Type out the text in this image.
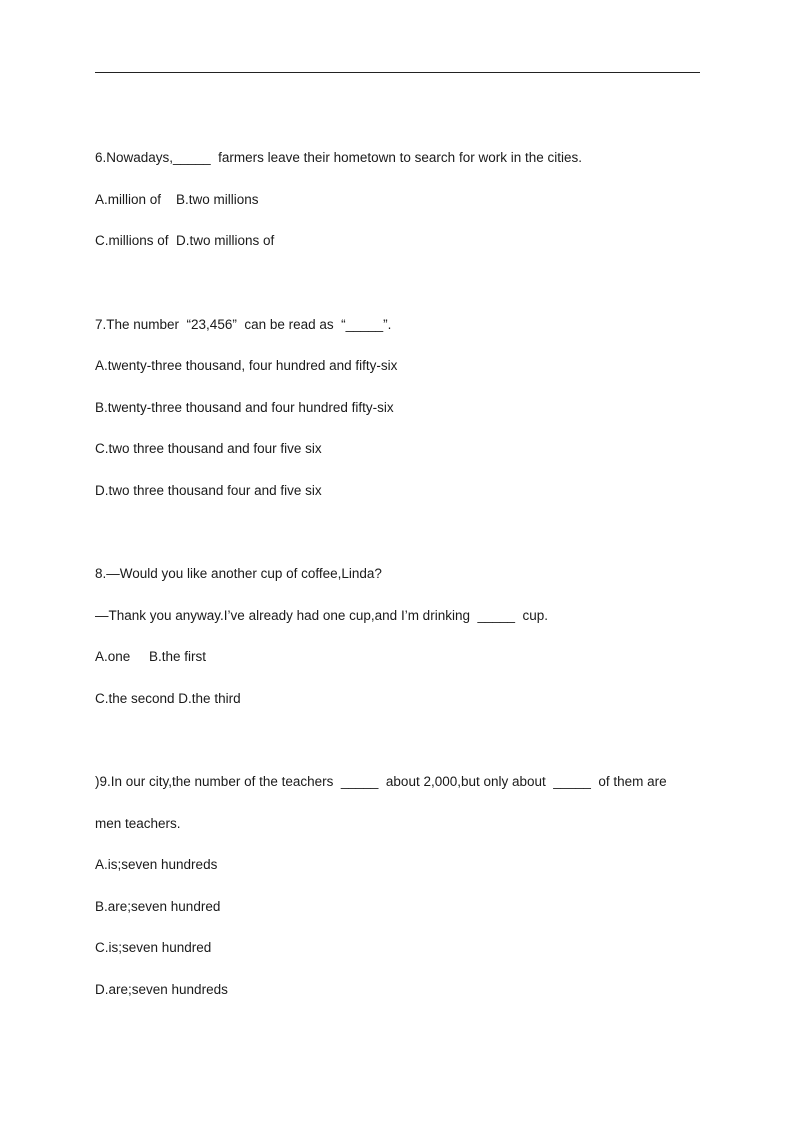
6.Nowadays,_____  farmers leave their hometown to search for work in the cities.
A.million of    B.two millions
C.millions of  D.two millions of
7.The number  “23,456”  can be read as  “_____”.
A.twenty-three thousand, four hundred and fifty-six
B.twenty-three thousand and four hundred fifty-six
C.two three thousand and four five six
D.two three thousand four and five six
8.—Would you like another cup of coffee,Linda?
—Thank you anyway.I’ve already had one cup,and I’m drinking  _____  cup.
A.one     B.the first
C.the second D.the third
)9.In our city,the number of the teachers  _____  about 2,000,but only about  _____  of them are
men teachers.
A.is;seven hundreds
B.are;seven hundred
C.is;seven hundred
D.are;seven hundreds
